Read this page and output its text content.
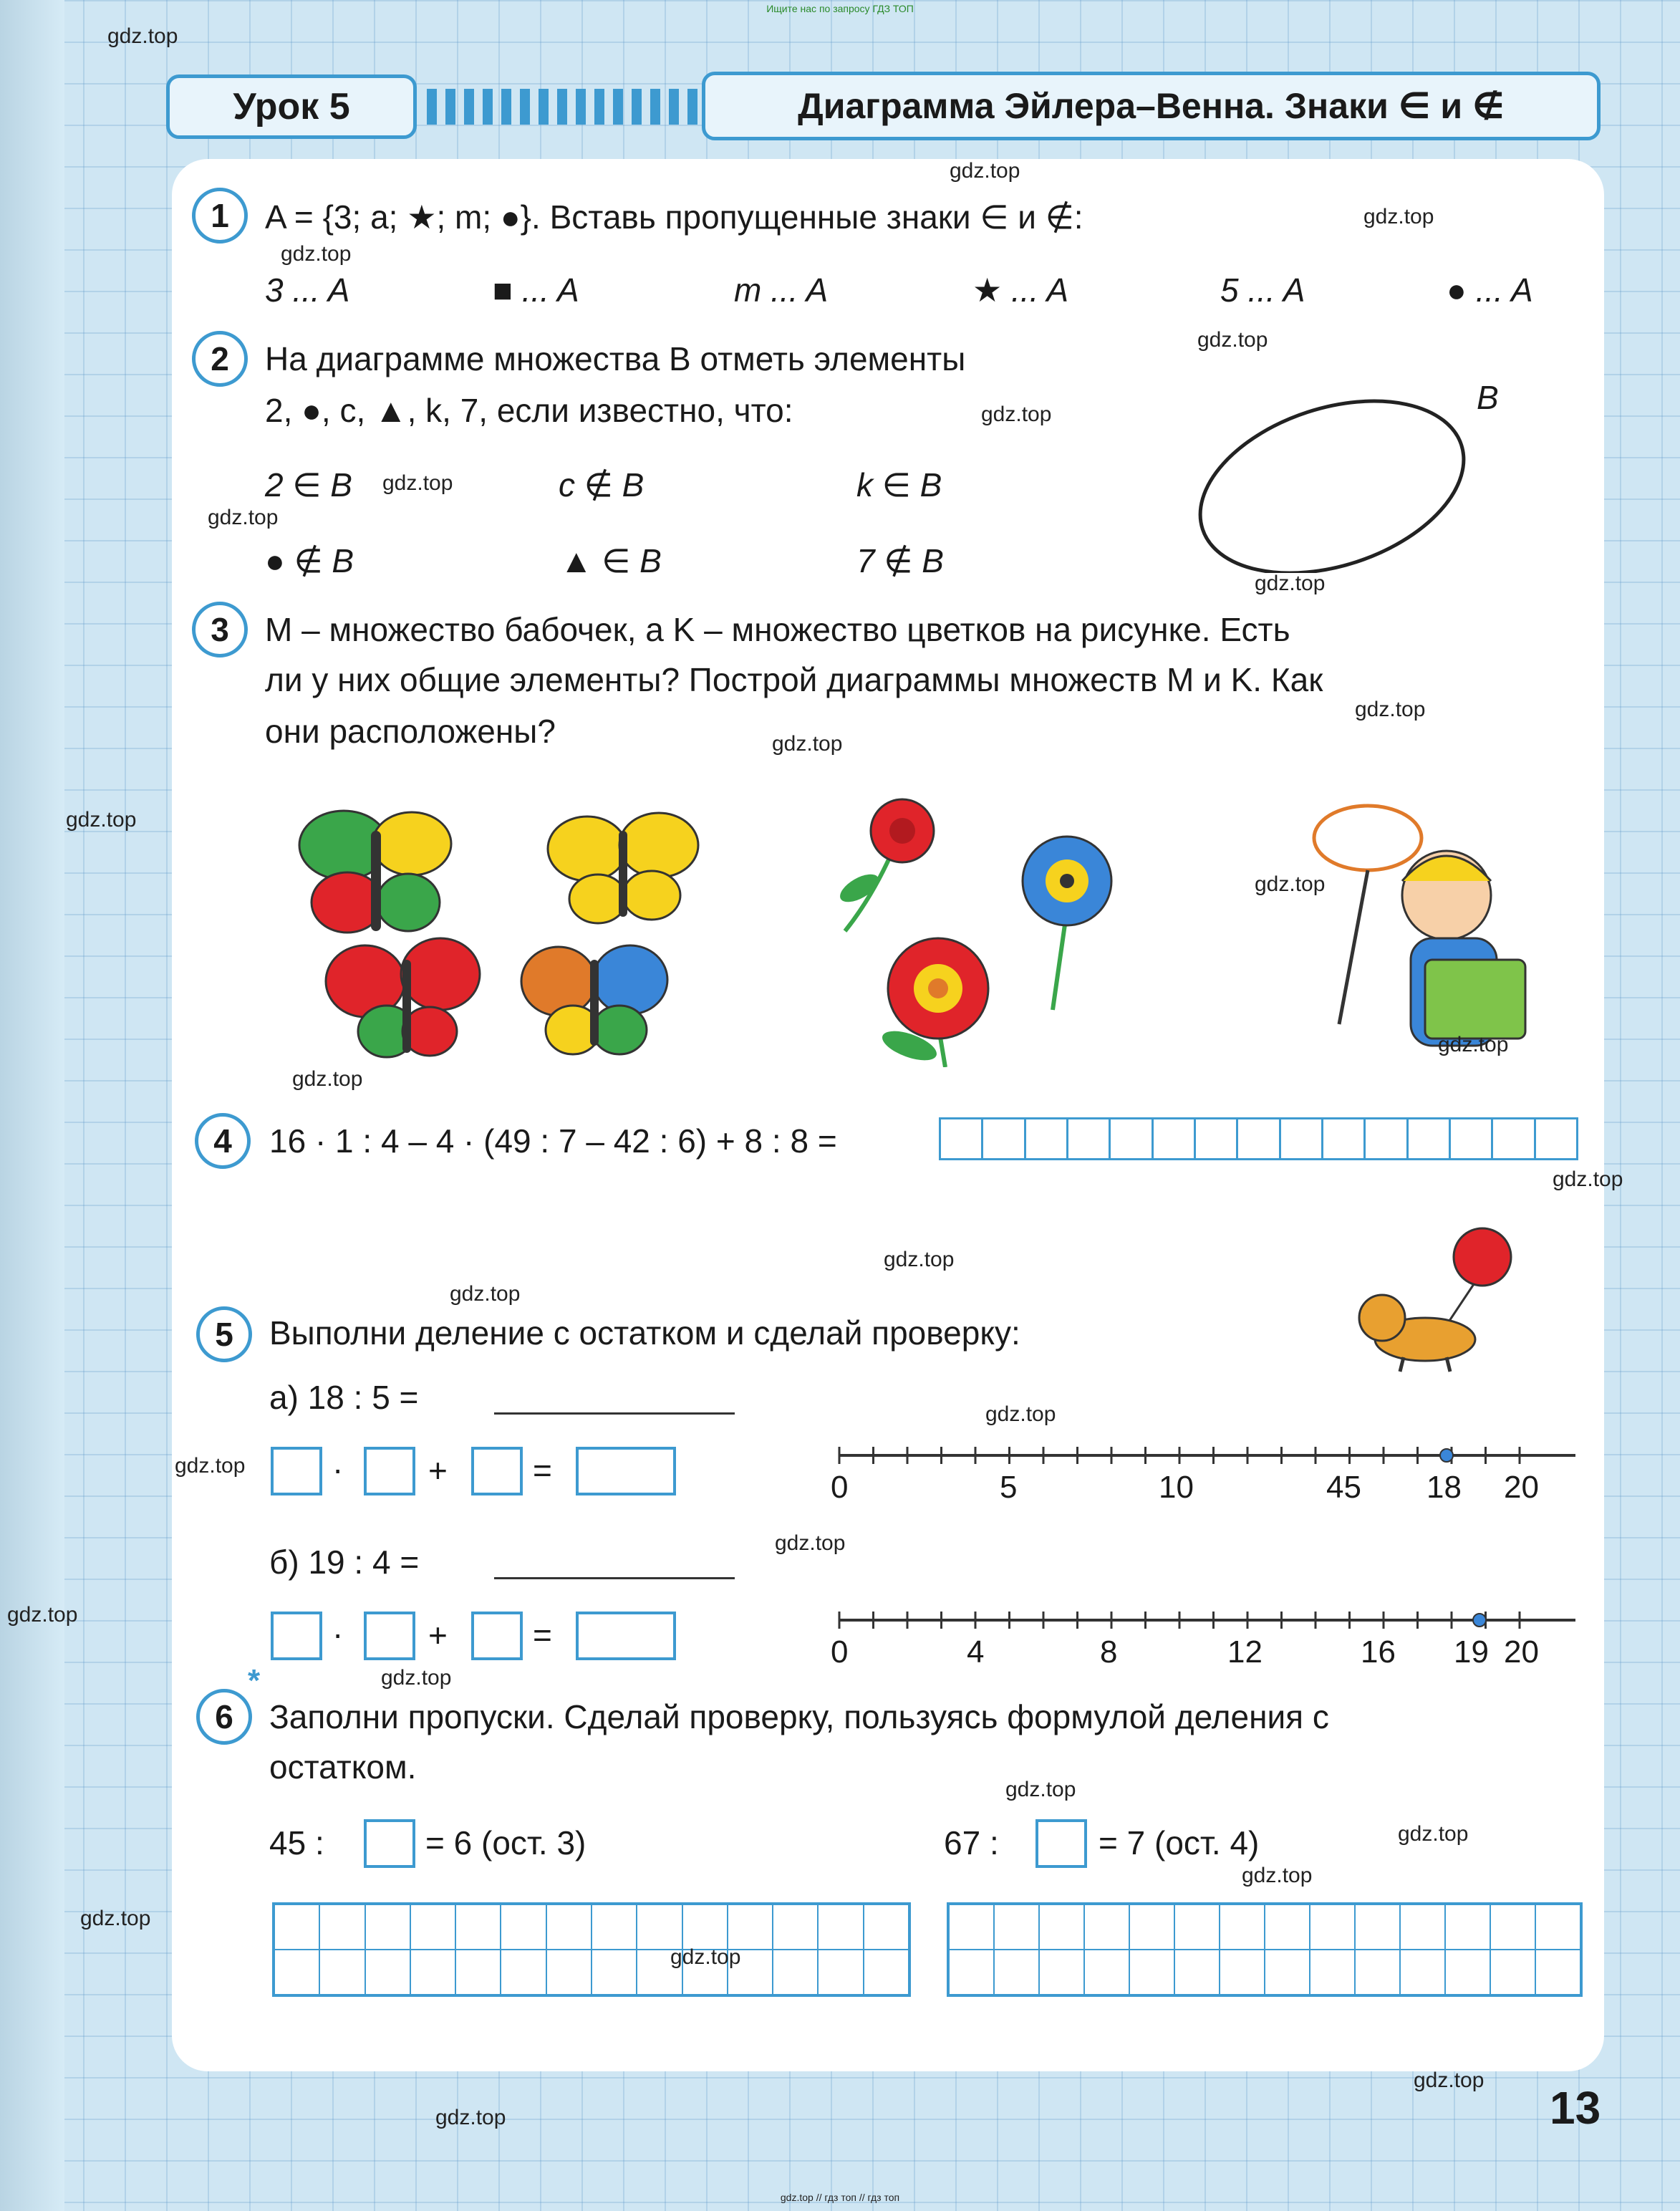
Ищите нас по запросу ГДЗ ТОП
Урок 5	Диаграмма Эйлера–Венна. Знаки ∈ и ∉
1	A = {3; a; ★; m; ●}. Вставь пропущенные знаки ∈ и ∉:
3 ... A	■ ... A	m ... A	★ ... A	5 ... A	● ... A
2	На диаграмме множества B отметь элементы
2, ●, c, ▲, k, 7, если известно, что:
2 ∈ B	c ∉ B	k ∈ B
● ∉ B	▲ ∈ B	7 ∉ B
B
3	M – множество бабочек, а K – множество цветков на рисунке. Есть
ли у них общие элементы? Построй диаграммы множеств M и K. Как
они расположены?
4	16 · 1 : 4 – 4 · (49 : 7 – 42 : 6) + 8 : 8 =
5	Выполни деление с остатком и сделай проверку:
а) 18 : 5 =
·	+	=
б) 19 : 4 =
·	+	=
0	5	10	45 18 20
0	4	8	12	16 19 20
*
6	Заполни пропуски. Сделай проверку, пользуясь формулой деления с
остатком.
45 :	= 6 (ост. 3)	67 :	= 7 (ост. 4)
13
gdz.top // гдз топ // гдз топ
gdz.top
gdz.top
gdz.top
gdz.top
gdz.top
gdz.top
gdz.top
gdz.top
gdz.top
gdz.top
gdz.top
gdz.top
gdz.top
gdz.top
gdz.top
gdz.top
gdz.top
gdz.top
gdz.top
gdz.top
gdz.top
gdz.top
gdz.top
gdz.top
gdz.top
gdz.top
gdz.top
gdz.top
gdz.top
gdz.top
